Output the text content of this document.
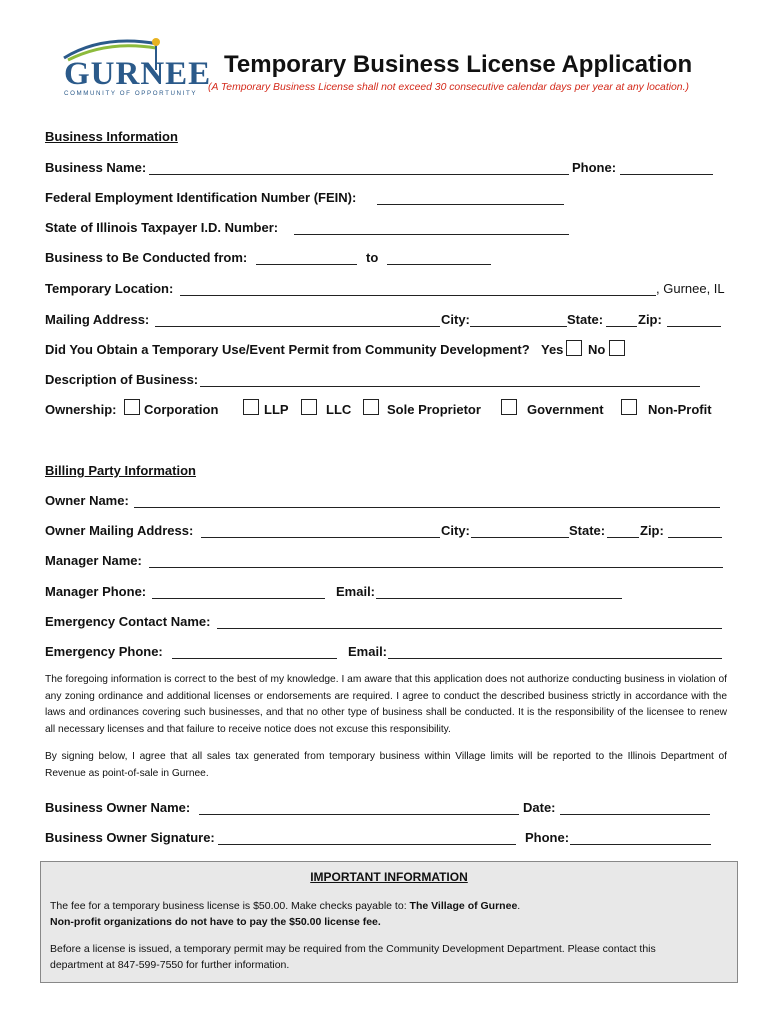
GURNEE
COMMUNITY OF OPPORTUNITY
Temporary Business License Application
(A Temporary Business License shall not exceed 30 consecutive calendar days per year at any location.)
Business Information
Business Name:	Phone:
Federal Employment Identification Number (FEIN):
State of Illinois Taxpayer I.D. Number:
Business to Be Conducted from:	to
Temporary Location:	, Gurnee, IL
Mailing Address:	City:	State:	Zip:
Did You Obtain a Temporary Use/Event Permit from Community Development? Yes No
Description of Business:
Ownership: Corporation	LLP	LLC	Sole Proprietor	Government	Non-Profit
Billing Party Information
Owner Name:
Owner Mailing Address:	City:	State:	Zip:
Manager Name:
Manager Phone:	Email:
Emergency Contact Name:
Emergency Phone:	Email:
The foregoing information is correct to the best of my knowledge. I am aware that this application does not authorize conducting business in violation of any zoning ordinance and additional licenses or endorsements are required. I agree to conduct the described business strictly in accordance with the laws and ordinances covering such businesses, and that no other type of business shall be conducted. It is the responsibility of the licensee to renew all necessary licenses and that failure to receive notice does not excuse this responsibility.
By signing below, I agree that all sales tax generated from temporary business within Village limits will be reported to the Illinois Department of Revenue as point-of-sale in Gurnee.
Business Owner Name:	Date:
Business Owner Signature:	Phone:
IMPORTANT INFORMATION
The fee for a temporary business license is $50.00. Make checks payable to: The Village of Gurnee.
Non-profit organizations do not have to pay the $50.00 license fee.
Before a license is issued, a temporary permit may be required from the Community Development Department. Please contact this
department at 847-599-7550 for further information.
